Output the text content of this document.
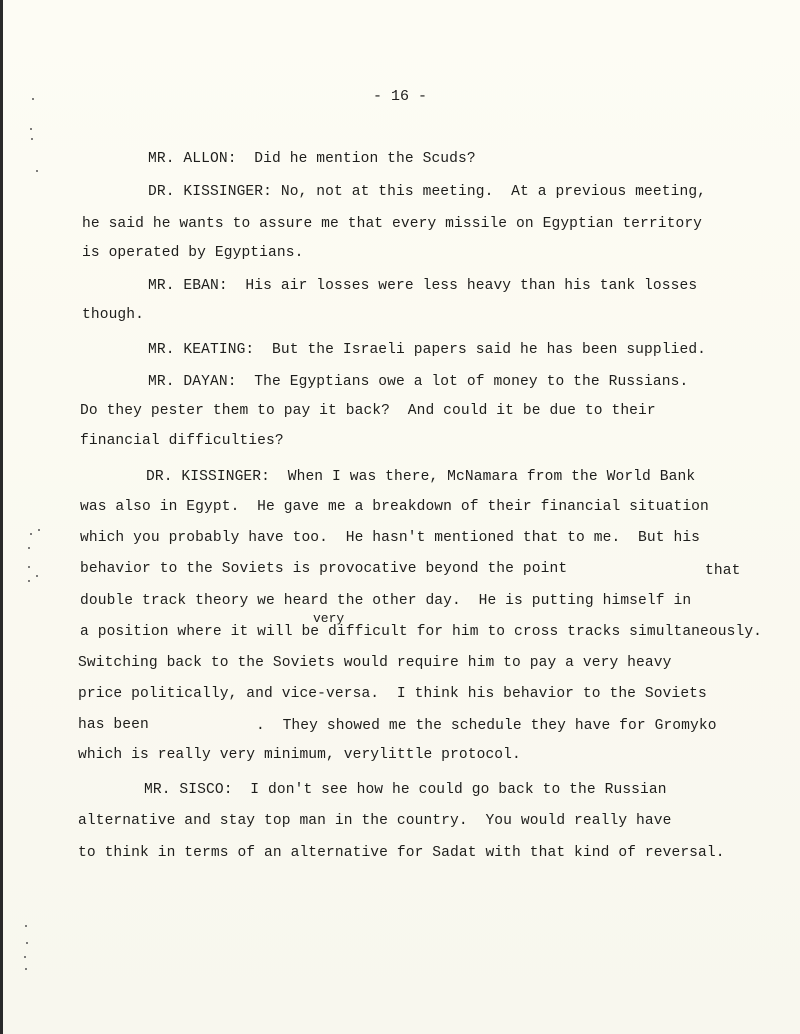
- 16 -
MR. ALLON:  Did he mention the Scuds?
DR. KISSINGER: No, not at this meeting.  At a previous meeting,
he said he wants to assure me that every missile on Egyptian territory
is operated by Egyptians.
MR. EBAN:  His air losses were less heavy than his tank losses
though.
MR. KEATING:  But the Israeli papers said he has been supplied.
MR. DAYAN:  The Egyptians owe a lot of money to the Russians.
Do they pester them to pay it back?  And could it be due to their
financial difficulties?
DR. KISSINGER:  When I was there, McNamara from the World Bank
was also in Egypt.  He gave me a breakdown of their financial situation
which you probably have too.  He hasn't mentioned that to me.  But his
behavior to the Soviets is provocative beyond the point	that
double track theory we heard the other day.  He is putting himself in
very
a position where it will be difficult for him to cross tracks simultaneously.
Switching back to the Soviets would require him to pay a very heavy
price politically, and vice-versa.  I think his behavior to the Soviets
has been	.  They showed me the schedule they have for Gromyko
which is really very minimum, verylittle protocol.
MR. SISCO:  I don't see how he could go back to the Russian
alternative and stay top man in the country.  You would really have
to think in terms of an alternative for Sadat with that kind of reversal.
